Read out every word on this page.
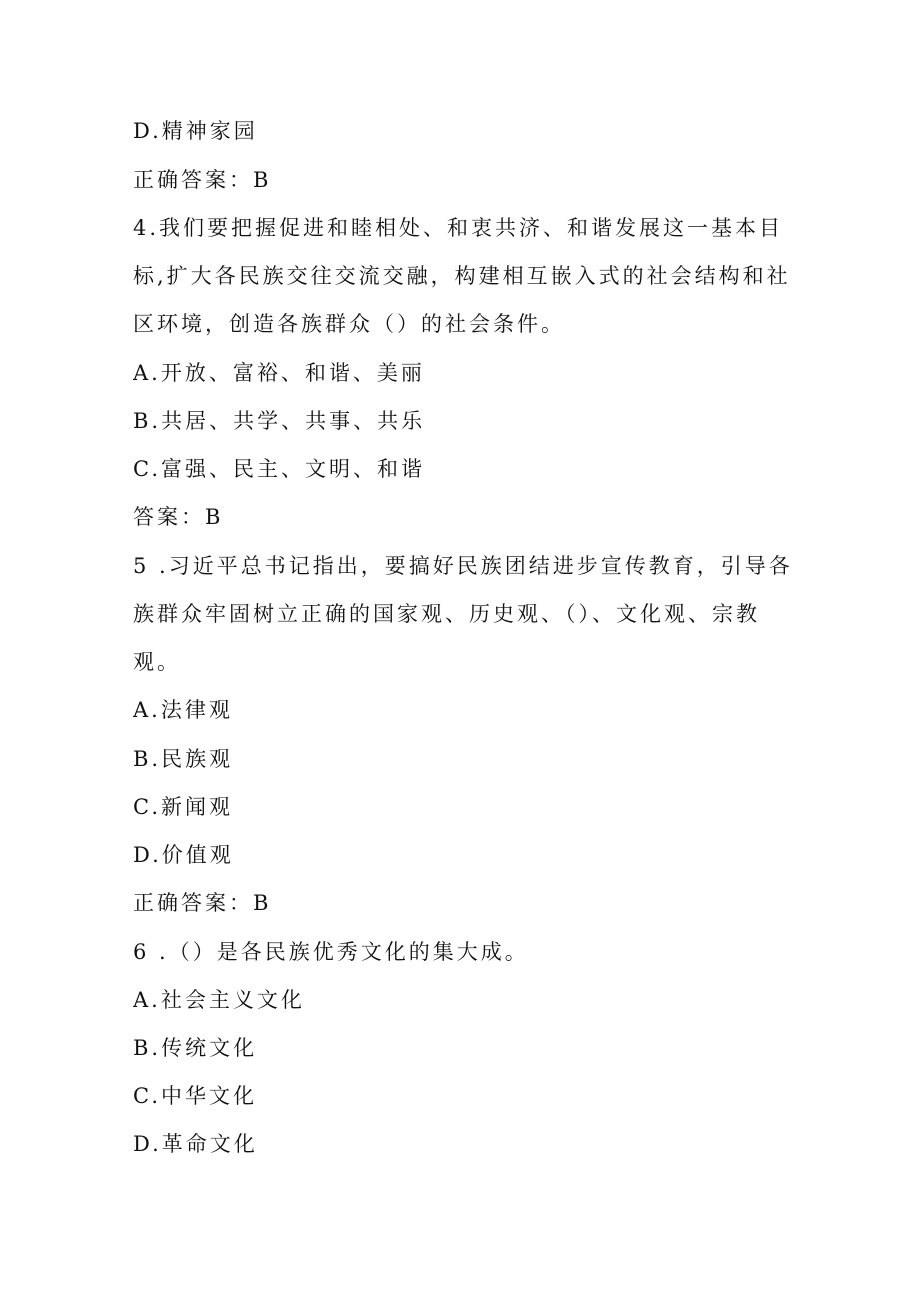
D.精神家园
正确答案：B
4.我们要把握促进和睦相处、和衷共济、和谐发展这一基本目
标,扩大各民族交往交流交融，构建相互嵌入式的社会结构和社
区环境，创造各族群众（）的社会条件。
A.开放、富裕、和谐、美丽
B.共居、共学、共事、共乐
C.富强、民主、文明、和谐
答案：B
5 .习近平总书记指出，要搞好民族团结进步宣传教育，引导各
族群众牢固树立正确的国家观、历史观、（）、文化观、宗教
观。
A.法律观
B.民族观
C.新闻观
D.价值观
正确答案：B
6 .（）是各民族优秀文化的集大成。
A.社会主义文化
B.传统文化
C.中华文化
D.革命文化
